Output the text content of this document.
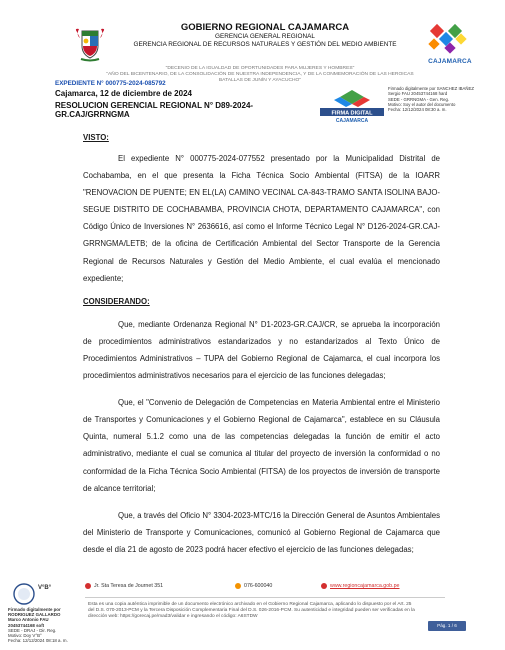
GOBIERNO REGIONAL CAJAMARCA
GERENCIA GENERAL REGIONAL
GERENCIA REGIONAL DE RECURSOS NATURALES Y GESTIÓN DEL MEDIO AMBIENTE
CAJAMARCA
"DECENIO DE LA IGUALDAD DE OPORTUNIDADES PARA MUJERES Y HOMBRES"
"AÑO DEL BICENTENARIO, DE LA CONSOLIDACIÓN DE NUESTRA INDEPENDENCIA, Y DE LA CONMEMORACIÓN DE LAS HEROICAS BATALLAS DE JUNÍN Y AYACUCHO"
EXPEDIENTE N° 000775-2024-085792
Cajamarca, 12 de diciembre de 2024
RESOLUCION GERENCIAL REGIONAL N° D89-2024-GR.CAJ/GRRNGMA	FIRMA DIGITAL
CAJAMARCA
Firmado digitalmente por SANCHEZ IBAÑEZ
Sergio FAU 20453744168 hard
SEDE - GRRNGMA - Gen. Reg.
Motivo: Soy el autor del documento
Fecha: 12/12/2024 08:30 a. m.

VISTO:

El expediente N° 000775-2024-077552 presentado por la Municipalidad Distrital de Cochabamba, en el que presenta la Ficha Técnica Socio Ambiental (FITSA) de la IOARR "RENOVACION DE PUENTE; EN EL(LA) CAMINO VECINAL CA-843-TRAMO SANTA ISOLINA BAJO-SEGUE DISTRITO DE COCHABAMBA, PROVINCIA CHOTA, DEPARTAMENTO CAJAMARCA", con Código Único de Inversiones N° 2636616, así como el Informe Técnico Legal N° D126-2024-GR.CAJ-GRRNGMA/LETB; de la oficina de Certificación Ambiental del Sector Transporte de la Gerencia Regional de Recursos Naturales y Gestión del Medio Ambiente, el cual evalúa el mencionado expediente;

CONSIDERANDO:

Que, mediante Ordenanza Regional N° D1-2023-GR.CAJ/CR, se aprueba la incorporación de procedimientos administrativos estandarizados y no estandarizados al Texto Único de Procedimientos Administrativos – TUPA del Gobierno Regional de Cajamarca, el cual incorpora los procedimientos administrativos necesarios para el ejercicio de las funciones delegadas;

Que, el "Convenio de Delegación de Competencias en Materia Ambiental entre el Ministerio de Transportes y Comunicaciones y el Gobierno Regional de Cajamarca", establece en su Cláusula Quinta, numeral 5.1.2 como una de las competencias delegadas la función de emitir el acto administrativo, mediante el cual se comunica al titular del proyecto de inversión la conformidad o no conformidad de la Ficha Técnica Socio Ambiental (FITSA) de los proyectos de inversión de transporte de alcance territorial;

Que, a través del Oficio N° 3304-2023-MTC/16 la Dirección General de Asuntos Ambientales del Ministerio de Transporte y Comunicaciones, comunicó al Gobierno Regional de Cajamarca que desde el día 21 de agosto de 2023 podrá hacer efectivo el ejercicio de las funciones delegadas;

V°B°
Firmado digitalmente por
RODRIGUEZ GALLARDO
Marco Antonio FAU
20453744168 soft
SEDE - DRAJ - Dir. Reg.
Motivo: Doy V°B°
Fecha: 12/12/2024 08:18 a. m.
Jr. Sta Teresa de Journet 351	076-600040	www.regioncajamarca.gob.pe
Esta es una copia auténtica imprimible de un documento electrónico archivado en el Gobierno Regional Cajamarca, aplicando lo dispuesto por el Art. 25 del D.S. 070-2013-PCM y la Tercera Disposición Complementaria Final del D.S. 026-2016-PCM. Su autenticidad e integridad pueden ser verificadas en la dirección web: https://gorecaj.pe/mad3/validar e ingresando el código: A6STDW
Pág. 1 / 6
